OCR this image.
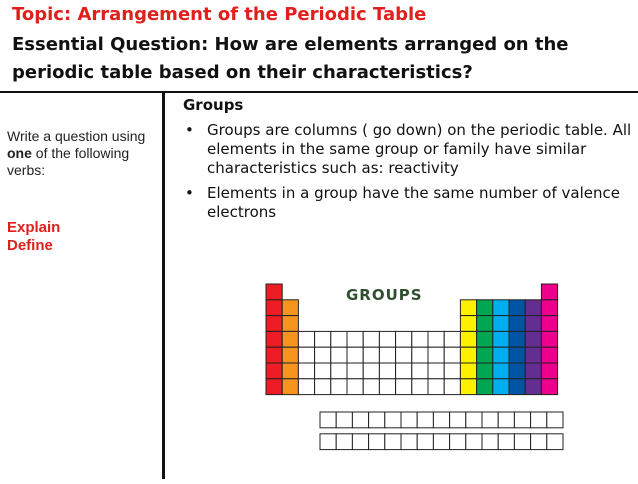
Topic: Arrangement of the Periodic Table
Essential Question: How are elements arranged on the periodic table based on their characteristics?
Write a question using one of the following verbs:
Explain
Define
Groups
• Groups are columns ( go down) on the periodic table. All elements in the same group or family have similar characteristics such as: reactivity
• Elements in a group have the same number of valence electrons
GROUPS
